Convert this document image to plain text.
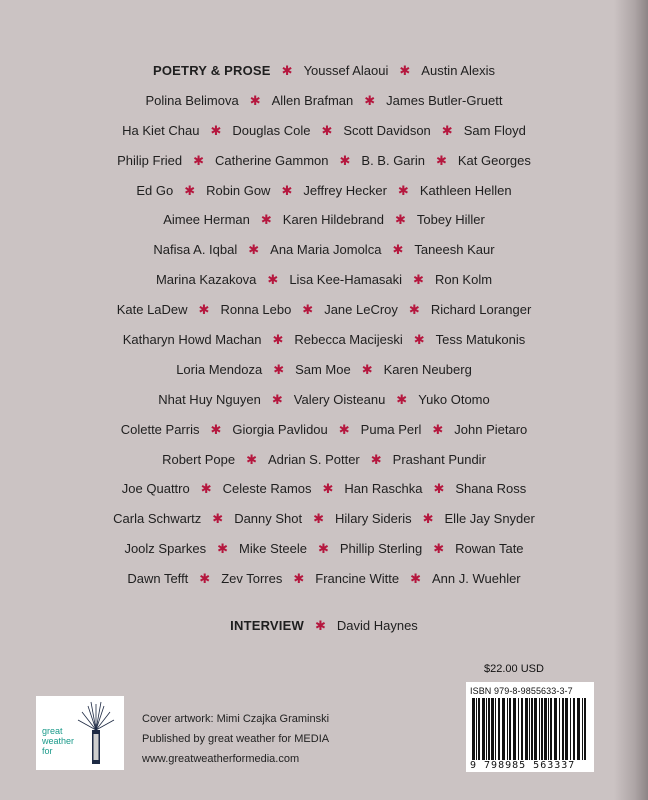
POETRY & PROSE ✱ Youssef Alaoui ✱ Austin Alexis
Polina Belimova ✱ Allen Brafman ✱ James Butler-Gruett
Ha Kiet Chau ✱ Douglas Cole ✱ Scott Davidson ✱ Sam Floyd
Philip Fried ✱ Catherine Gammon ✱ B. B. Garin ✱ Kat Georges
Ed Go ✱ Robin Gow ✱ Jeffrey Hecker ✱ Kathleen Hellen
Aimee Herman ✱ Karen Hildebrand ✱ Tobey Hiller
Nafisa A. Iqbal ✱ Ana Maria Jomolca ✱ Taneesh Kaur
Marina Kazakova ✱ Lisa Kee-Hamasaki ✱ Ron Kolm
Kate LaDew ✱ Ronna Lebo ✱ Jane LeCroy ✱ Richard Loranger
Katharyn Howd Machan ✱ Rebecca Macijeski ✱ Tess Matukonis
Loria Mendoza ✱ Sam Moe ✱ Karen Neuberg
Nhat Huy Nguyen ✱ Valery Oisteanu ✱ Yuko Otomo
Colette Parris ✱ Giorgia Pavlidou ✱ Puma Perl ✱ John Pietaro
Robert Pope ✱ Adrian S. Potter ✱ Prashant Pundir
Joe Quattro ✱ Celeste Ramos ✱ Han Raschka ✱ Shana Ross
Carla Schwartz ✱ Danny Shot ✱ Hilary Sideris ✱ Elle Jay Snyder
Joolz Sparkes ✱ Mike Steele ✱ Phillip Sterling ✱ Rowan Tate
Dawn Tefft ✱ Zev Torres ✱ Francine Witte ✱ Ann J. Wuehler
INTERVIEW ✱ David Haynes
great
weather
for
Cover artwork: Mimi Czajka Graminski
Published by great weather for MEDIA
www.greatweatherformedia.com
$22.00 USD
ISBN 979-8-9855633-3-7
9 798985 563337
